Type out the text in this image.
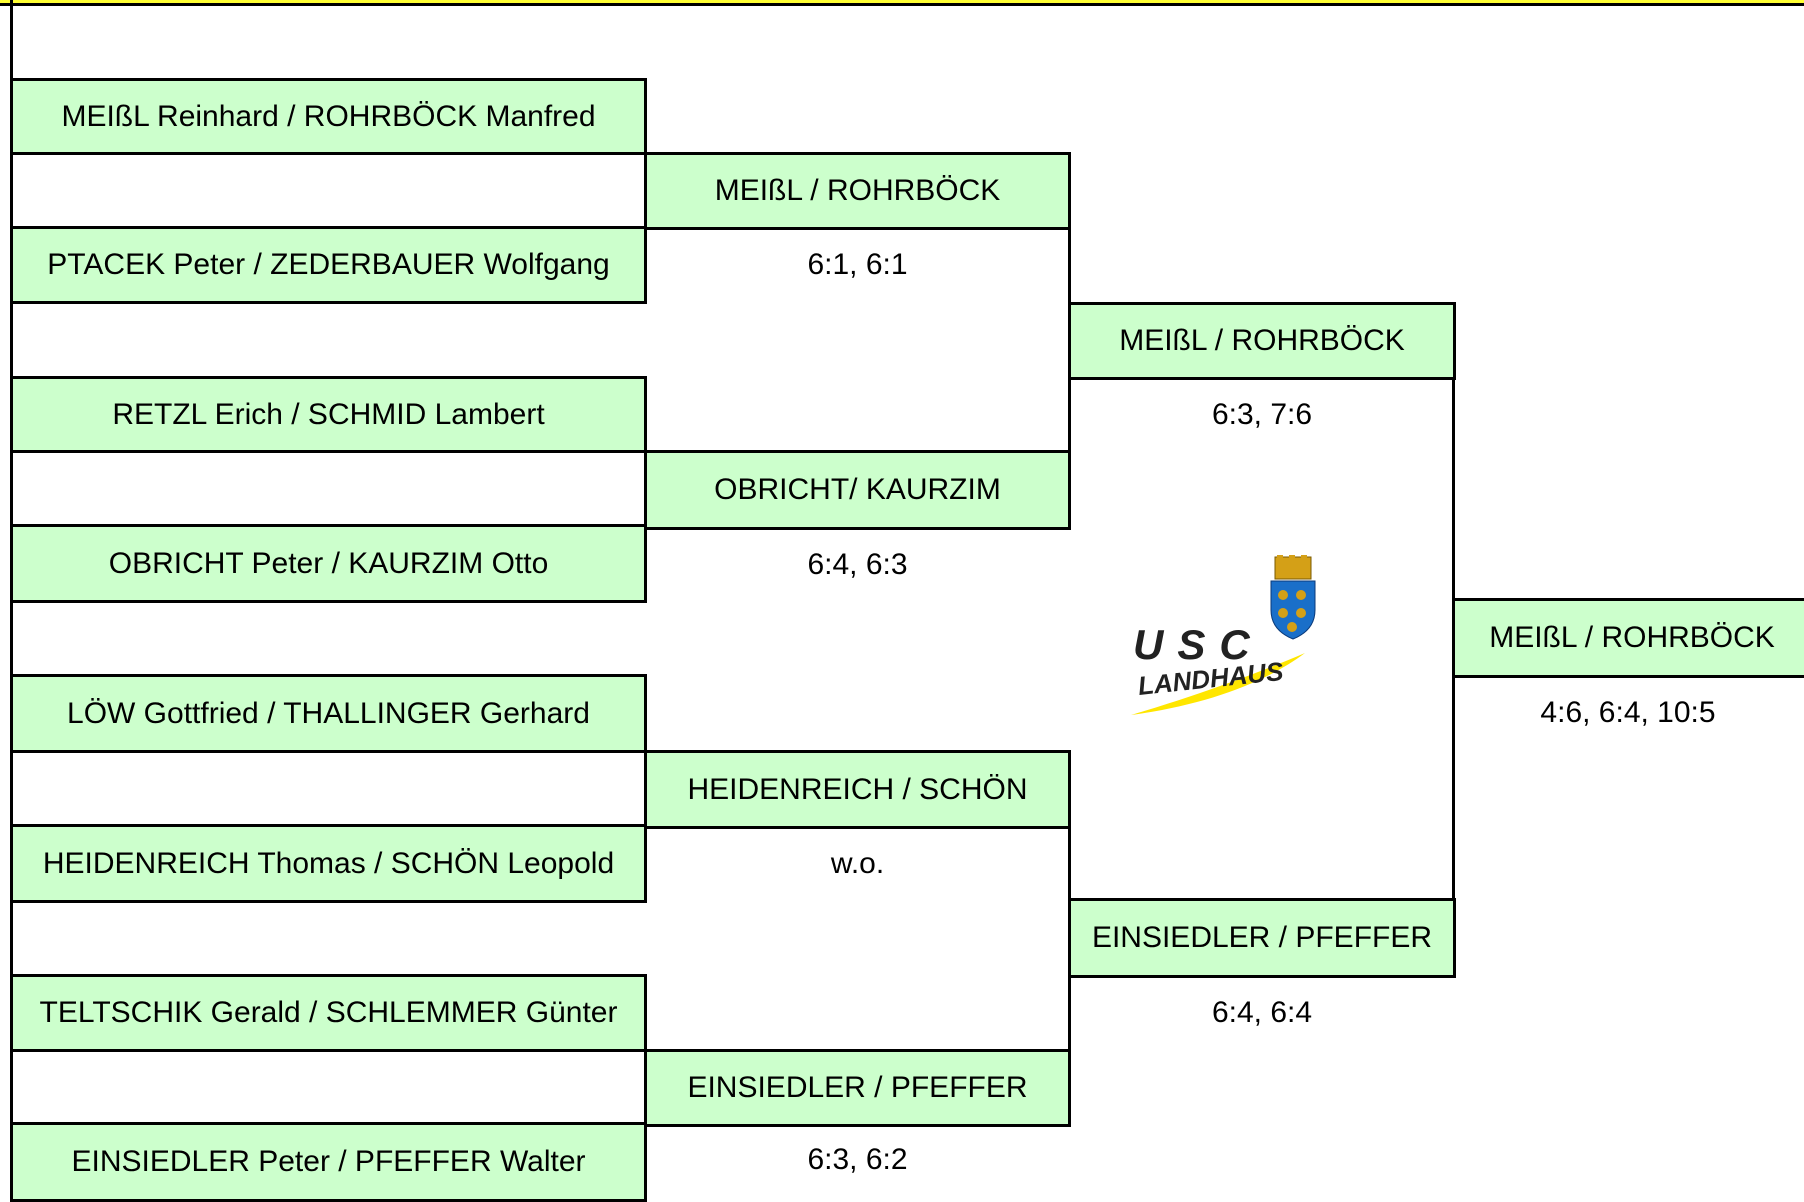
MEIßL Reinhard / ROHRBÖCK Manfred
PTACEK Peter / ZEDERBAUER Wolfgang
RETZL Erich / SCHMID Lambert
OBRICHT Peter / KAURZIM Otto
LÖW Gottfried / THALLINGER Gerhard
HEIDENREICH Thomas / SCHÖN Leopold
TELTSCHIK Gerald / SCHLEMMER Günter
EINSIEDLER Peter / PFEFFER Walter
MEIßL / ROHRBÖCK
6:1, 6:1
OBRICHT/ KAURZIM
6:4, 6:3
HEIDENREICH / SCHÖN
w.o.
EINSIEDLER / PFEFFER
6:3, 6:2
MEIßL / ROHRBÖCK
6:3, 7:6
EINSIEDLER / PFEFFER
6:4, 6:4
MEIßL / ROHRBÖCK
4:6, 6:4, 10:5
USC
LANDHAUS
